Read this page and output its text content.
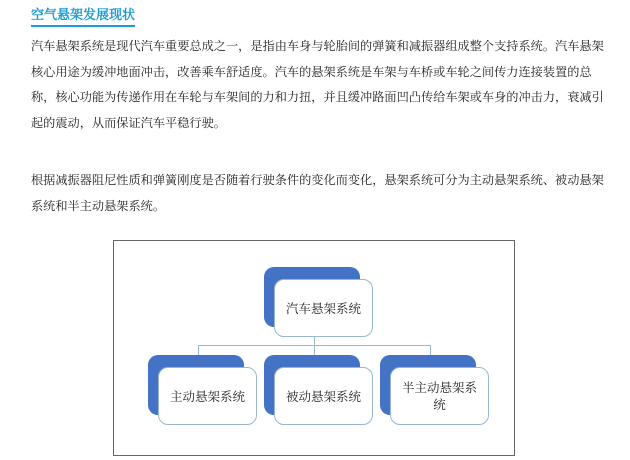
空气悬架发展现状

汽车悬架系统是现代汽车重要总成之一，是指由车身与轮胎间的弹簧和减振器组成整个支持系统。汽车悬架核心用途为缓冲地面冲击，改善乘车舒适度。汽车的悬架系统是车架与车桥或车轮之间传力连接装置的总称，核心功能为传递作用在车轮与车架间的力和力扭，并且缓冲路面凹凸传给车架或车身的冲击力，衰减引起的震动，从而保证汽车平稳行驶。

根据减振器阻尼性质和弹簧刚度是否随着行驶条件的变化而变化，悬架系统可分为主动悬架系统、被动悬架系统和半主动悬架系统。

汽车悬架系统
主动悬架系统	被动悬架系统
半主动悬架系统
